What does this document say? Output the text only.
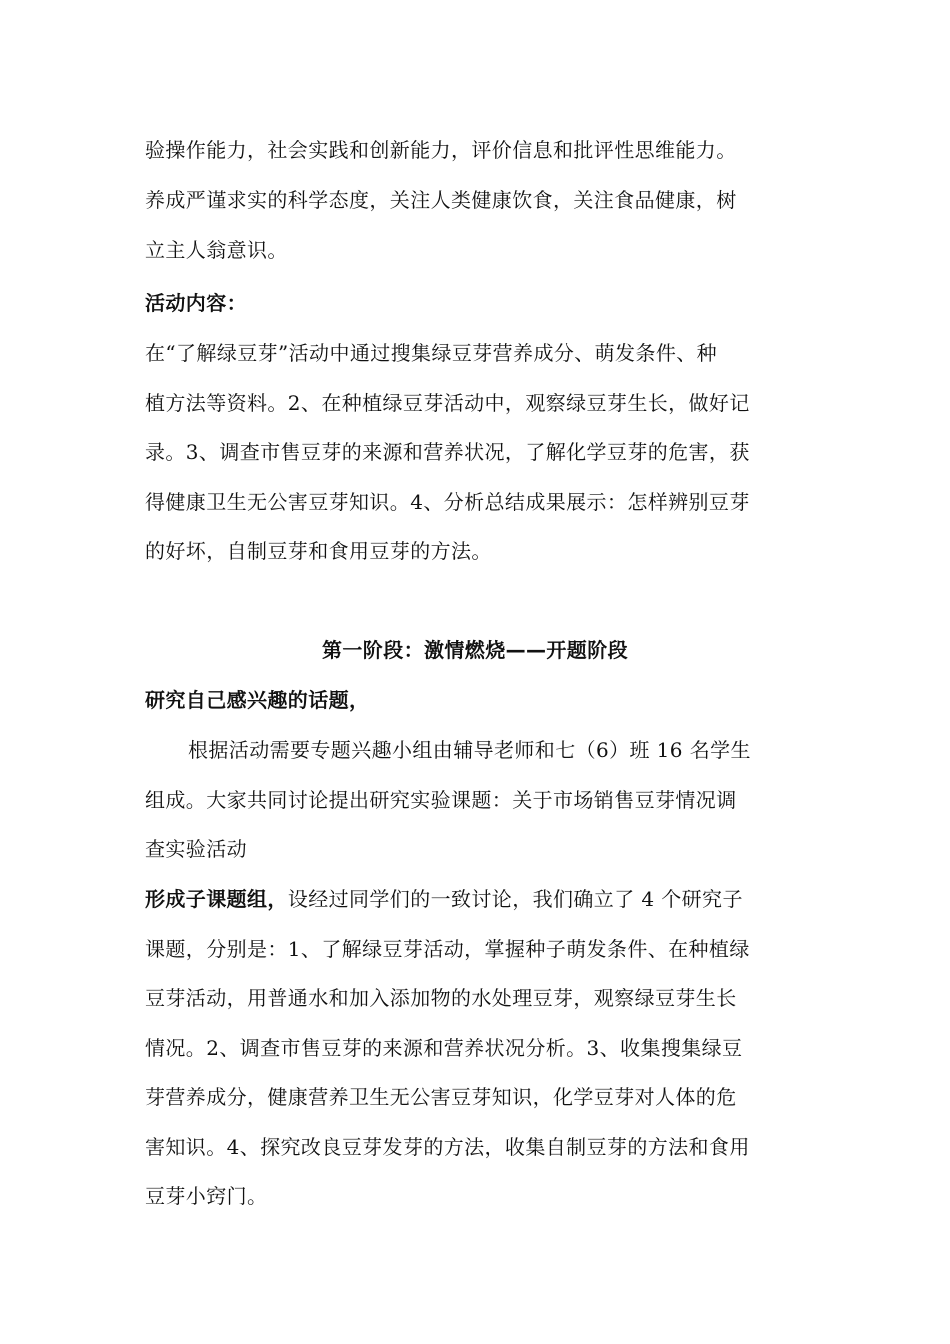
验操作能力，社会实践和创新能力，评价信息和批评性思维能力。
养成严谨求实的科学态度，关注人类健康饮食，关注食品健康，树
立主人翁意识。
活动内容：
在“了解绿豆芽”活动中通过搜集绿豆芽营养成分、萌发条件、种
植方法等资料。2、在种植绿豆芽活动中，观察绿豆芽生长，做好记
录。3、调查市售豆芽的来源和营养状况，了解化学豆芽的危害，获
得健康卫生无公害豆芽知识。4、分析总结成果展示：怎样辨别豆芽
的好坏，自制豆芽和食用豆芽的方法。
第一阶段：激情燃烧——开题阶段
研究自己感兴趣的话题，
根据活动需要专题兴趣小组由辅导老师和七（6）班 16 名学生
组成。大家共同讨论提出研究实验课题：关于市场销售豆芽情况调
查实验活动
形成子课题组，设经过同学们的一致讨论，我们确立了 4 个研究子
课题，分别是：1、了解绿豆芽活动，掌握种子萌发条件、在种植绿
豆芽活动，用普通水和加入添加物的水处理豆芽，观察绿豆芽生长
情况。2、调查市售豆芽的来源和营养状况分析。3、收集搜集绿豆
芽营养成分，健康营养卫生无公害豆芽知识，化学豆芽对人体的危
害知识。4、探究改良豆芽发芽的方法，收集自制豆芽的方法和食用
豆芽小窍门。
